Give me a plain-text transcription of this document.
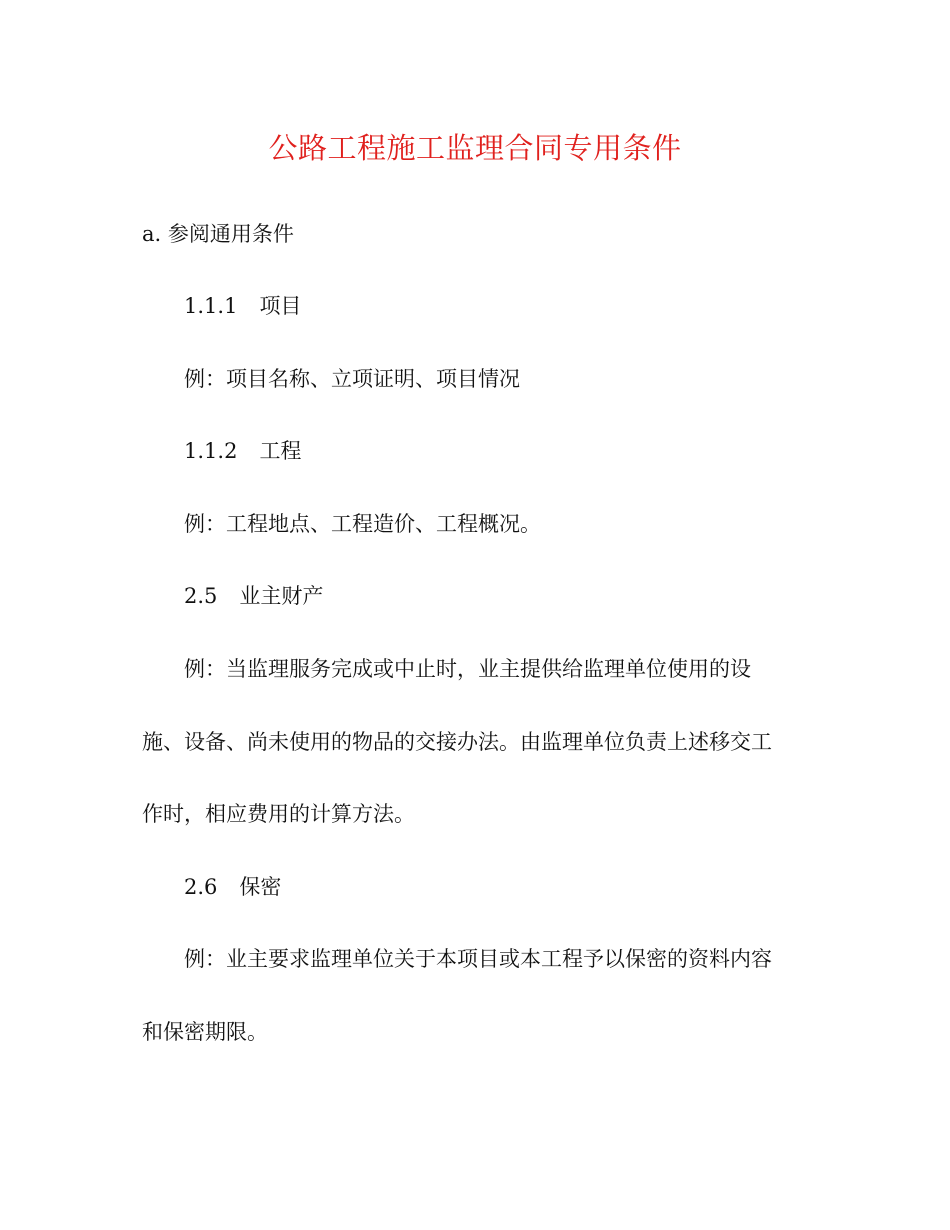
公路工程施工监理合同专用条件
a. 参阅通用条件
1.1.1 项目
例：项目名称、立项证明、项目情况
1.1.2 工程
例：工程地点、工程造价、工程概况。
2.5 业主财产
例：当监理服务完成或中止时，业主提供给监理单位使用的设
施、设备、尚未使用的物品的交接办法。由监理单位负责上述移交工
作时，相应费用的计算方法。
2.6 保密
例：业主要求监理单位关于本项目或本工程予以保密的资料内容
和保密期限。
